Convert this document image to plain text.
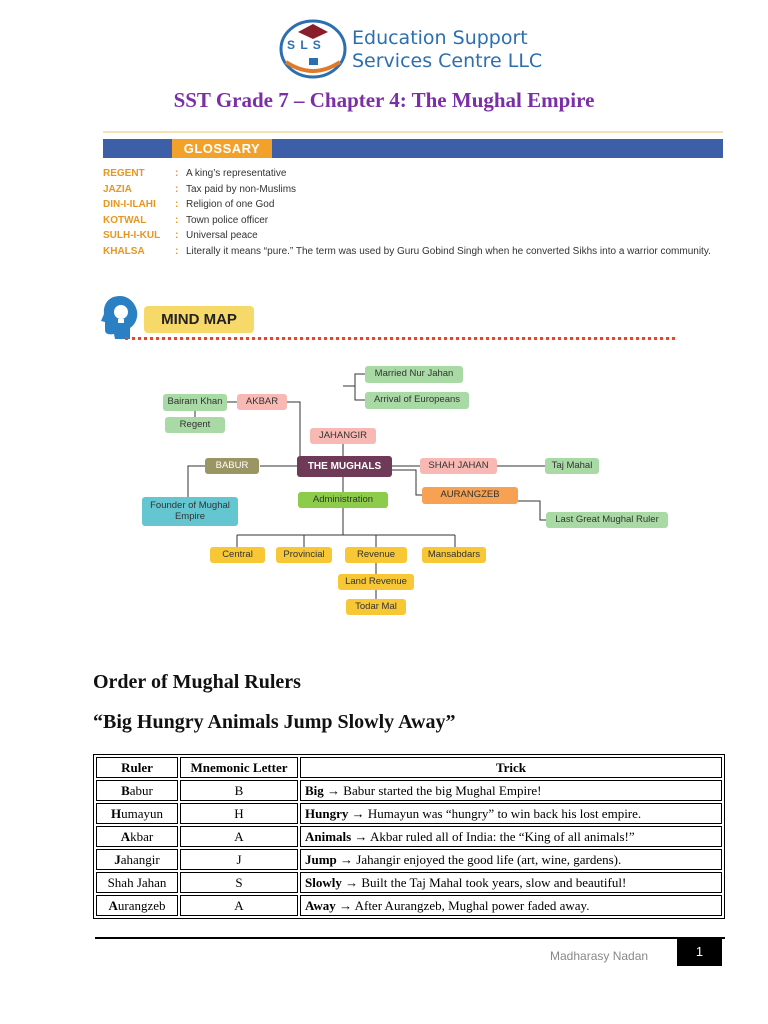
S L S Education Support
Services Centre LLC
SST Grade 7 – Chapter 4: The Mughal Empire
GLOSSARY
REGENT	: A king’s representative
JAZIA	: Tax paid by non-Muslims
DIN-I-ILAHI : Religion of one God
KOTWAL	: Town police officer
SULH-I-KUL : Universal peace
KHALSA	: Literally it means “pure.” The term was used by Guru Gobind Singh when he converted Sikhs into a warrior community.
MIND MAP
Bairam Khan	AKBAR
Regent
Married Nur Jahan
Arrival of Europeans
JAHANGIR
BABUR	THE MUGHALS	SHAH JAHAN	Taj Mahal
AURANGZEB
Administration
Founder of Mughal Empire	Last Great Mughal Ruler
Central	Provincial	Revenue	Mansabdars
Land Revenue
Todar Mal
Order of Mughal Rulers
“Big Hungry Animals Jump Slowly Away”
Ruler	Mnemonic Letter	Trick
Babur	B	Big → Babur started the big Mughal Empire!
Humayun	H	Hungry → Humayun was “hungry” to win back his lost empire.
Akbar	A	Animals → Akbar ruled all of India: the “King of all animals!”
Jahangir	J	Jump → Jahangir enjoyed the good life (art, wine, gardens).
Shah Jahan	S	Slowly → Built the Taj Mahal took years, slow and beautiful!
Aurangzeb	A	Away → After Aurangzeb, Mughal power faded away.
Madharasy Nadan	1
